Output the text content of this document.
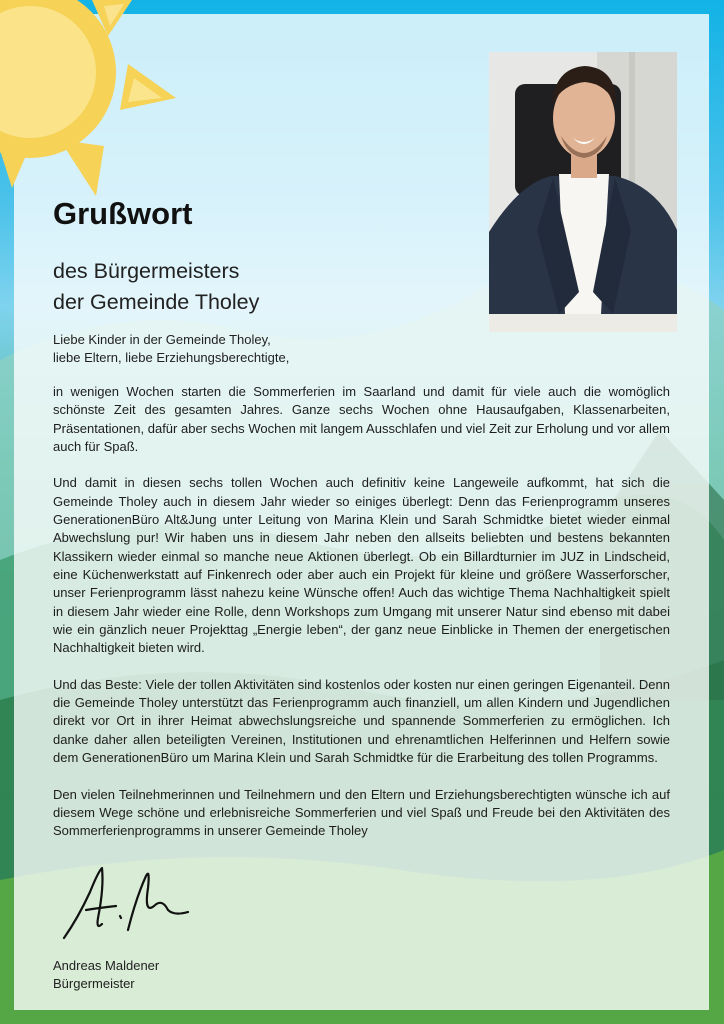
Grußwort
des Bürgermeisters
der Gemeinde Tholey
Liebe Kinder in der Gemeinde Tholey,
liebe Eltern, liebe Erziehungsberechtigte,

in wenigen Wochen starten die Sommerferien im Saarland und damit für viele auch die womöglich schönste Zeit des gesamten Jahres. Ganze sechs Wochen ohne Hausaufgaben, Klassenarbeiten, Präsentationen, dafür aber sechs Wochen mit langem Ausschlafen und viel Zeit zur Erholung und vor allem auch für Spaß.

Und damit in diesen sechs tollen Wochen auch definitiv keine Langeweile aufkommt, hat sich die Gemeinde Tholey auch in diesem Jahr wieder so einiges überlegt: Denn das Ferienprogramm unseres GenerationenBüro Alt&Jung unter Leitung von Marina Klein und Sarah Schmidtke bietet wieder einmal Abwechslung pur! Wir haben uns in diesem Jahr neben den allseits beliebten und bestens bekannten Klassikern wieder einmal so manche neue Aktionen überlegt. Ob ein Billardturnier im JUZ in Lindscheid, eine Küchenwerkstatt auf Finkenrech oder aber auch ein Projekt für kleine und größere Wasserforscher, unser Ferienprogramm lässt nahezu keine Wünsche offen! Auch das wichtige Thema Nachhaltigkeit spielt in diesem Jahr wieder eine Rolle, denn Workshops zum Umgang mit unserer Natur sind ebenso mit dabei wie ein gänzlich neuer Projekttag „Energie leben“, der ganz neue Einblicke in Themen der energetischen Nachhaltigkeit bieten wird.

Und das Beste: Viele der tollen Aktivitäten sind kostenlos oder kosten nur einen geringen Eigenanteil. Denn die Gemeinde Tholey unterstützt das Ferienprogramm auch finanziell, um allen Kindern und Jugendlichen direkt vor Ort in ihrer Heimat abwechslungsreiche und spannende Sommerferien zu ermöglichen. Ich danke daher allen beteiligten Vereinen, Institutionen und ehrenamtlichen Helferinnen und Helfern sowie dem GenerationenBüro um Marina Klein und Sarah Schmidtke für die Erarbeitung des tollen Programms.

Den vielen Teilnehmerinnen und Teilnehmern und den Eltern und Erziehungsberechtigten wünsche ich auf diesem Wege schöne und erlebnisreiche Sommerferien und viel Spaß und Freude bei den Aktivitäten des Sommerferienprogramms in unserer Gemeinde Tholey

Andreas Maldener
Bürgermeister
